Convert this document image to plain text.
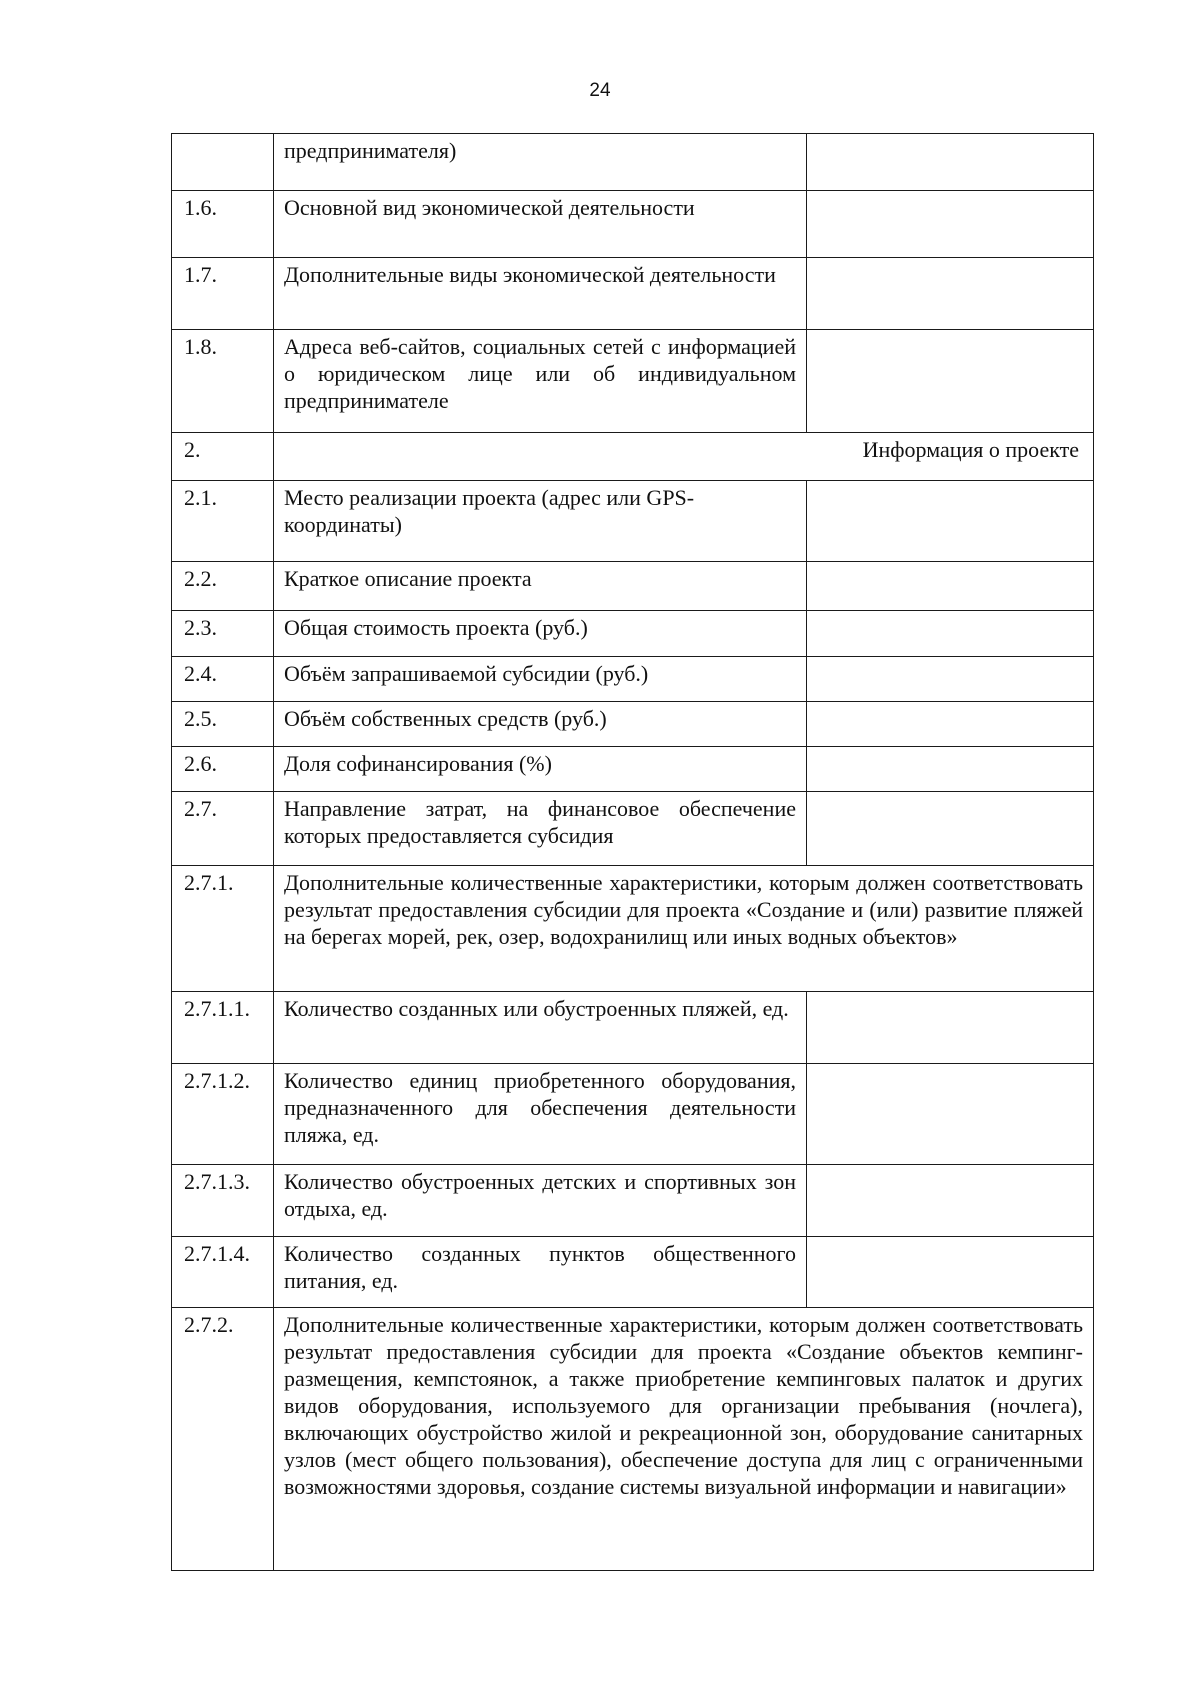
24
	предпринимателя)	
1.6.	Основной вид экономической деятельности	
1.7.	Дополнительные виды экономической деятельности	
1.8.	Адреса веб-сайтов, социальных сетей с информацией о юридическом лице или об индивидуальном предпринимателе	
2.	Информация о проекте	
2.1.	Место реализации проекта (адрес или GPS-координаты)	
2.2.	Краткое описание проекта	
2.3.	Общая стоимость проекта (руб.)	
2.4.	Объём запрашиваемой субсидии (руб.)	
2.5.	Объём собственных средств (руб.)	
2.6.	Доля софинансирования (%)	
2.7.	Направление затрат, на финансовое обеспечение которых предоставляется субсидия	
2.7.1.	Дополнительные количественные характеристики, которым должен соответствовать результат предоставления субсидии для проекта «Создание и (или) развитие пляжей на берегах морей, рек, озер, водохранилищ или иных водных объектов»	
2.7.1.1.	Количество созданных или обустроенных пляжей, ед.	
2.7.1.2.	Количество единиц приобретенного оборудования, предназначенного для обеспечения деятельности пляжа, ед.	
2.7.1.3.	Количество обустроенных детских и спортивных зон отдыха, ед.	
2.7.1.4.	Количество созданных пунктов общественного питания, ед.	
2.7.2.	Дополнительные количественные характеристики, которым должен соответствовать результат предоставления субсидии для проекта «Создание объектов кемпинг-размещения, кемпстоянок, а также приобретение кемпинговых палаток и других видов оборудования, используемого для организации пребывания (ночлега), включающих обустройство жилой и рекреационной зон, оборудование санитарных узлов (мест общего пользования), обеспечение доступа для лиц с ограниченными возможностями здоровья, создание системы визуальной информации и навигации»	
